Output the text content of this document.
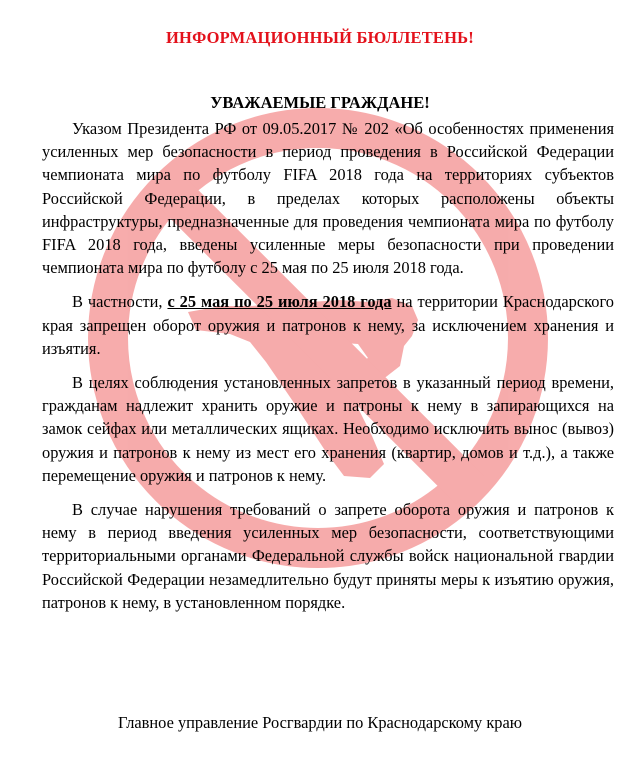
ИНФОРМАЦИОННЫЙ БЮЛЛЕТЕНЬ!
УВАЖАЕМЫЕ ГРАЖДАНЕ!

Указом Президента РФ от 09.05.2017 № 202 «Об особенностях применения усиленных мер безопасности в период проведения в Российской Федерации чемпионата мира по футболу FIFA 2018 года на территориях субъектов Российской Федерации, в пределах которых расположены объекты инфраструктуры, предназначенные для проведения чемпионата мира по футболу FIFA 2018 года, введены усиленные меры безопасности при проведении чемпионата мира по футболу с 25 мая по 25 июля 2018 года.

В частности, с 25 мая по 25 июля 2018 года на территории Краснодарского края запрещен оборот оружия и патронов к нему, за исключением хранения и изъятия.

В целях соблюдения установленных запретов в указанный период времени, гражданам надлежит хранить оружие и патроны к нему в запирающихся на замок сейфах или металлических ящиках. Необходимо исключить вынос (вывоз) оружия и патронов к нему из мест его хранения (квартир, домов и т.д.), а также перемещение оружия и патронов к нему.

В случае нарушения требований о запрете оборота оружия и патронов к нему в период введения усиленных мер безопасности, соответствующими территориальными органами Федеральной службы войск национальной гвардии Российской Федерации незамедлительно будут приняты меры к изъятию оружия, патронов к нему, в установленном порядке.

Главное управление Росгвардии по Краснодарскому краю
